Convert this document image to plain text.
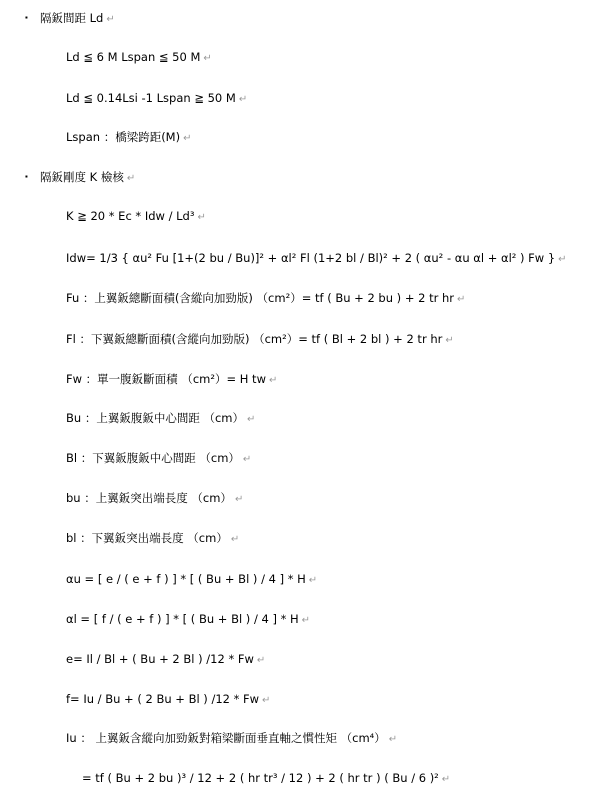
▪ 隔鈑間距 Ld ↵
Ld ≦ 6 M Lspan ≦ 50 M ↵
Ld ≦ 0.14Lsi -1 Lspan ≧ 50 M ↵
Lspan ：橋梁跨距(M) ↵
▪ 隔鈑剛度 K 檢核 ↵
K ≧ 20 * Ec * Idw / Ld³ ↵
Idw= 1/3 { αu² Fu [1+(2 bu / Bu)]² + αl² Fl (1+2 bl / Bl)² + 2 ( αu² - αu αl + αl² ) Fw } ↵
Fu ：上翼鈑總斷面積(含縱向加勁版) （cm²）= tf ( Bu + 2 bu ) + 2 tr hr ↵
Fl ：下翼鈑總斷面積(含縱向加勁版) （cm²）= tf ( Bl + 2 bl ) + 2 tr hr ↵
Fw ：單一腹鈑斷面積 （cm²）= H tw ↵
Bu ：上翼鈑腹鈑中心間距 （cm） ↵
Bl ：下翼鈑腹鈑中心間距 （cm） ↵
bu ：上翼鈑突出端長度 （cm） ↵
bl ：下翼鈑突出端長度 （cm） ↵
αu = [ e / ( e + f ) ] * [ ( Bu + Bl ) / 4 ] * H ↵
αl = [ f / ( e + f ) ] * [ ( Bu + Bl ) / 4 ] * H ↵
e= Il / Bl + ( Bu + 2 Bl ) /12 * Fw ↵
f= Iu / Bu + ( 2 Bu + Bl ) /12 * Fw ↵
Iu ： 上翼鈑含縱向加勁鈑對箱梁斷面垂直軸之慣性矩 （cm⁴） ↵
= tf ( Bu + 2 bu )³ / 12 + 2 ( hr tr³ / 12 ) + 2 ( hr tr ) ( Bu / 6 )² ↵
